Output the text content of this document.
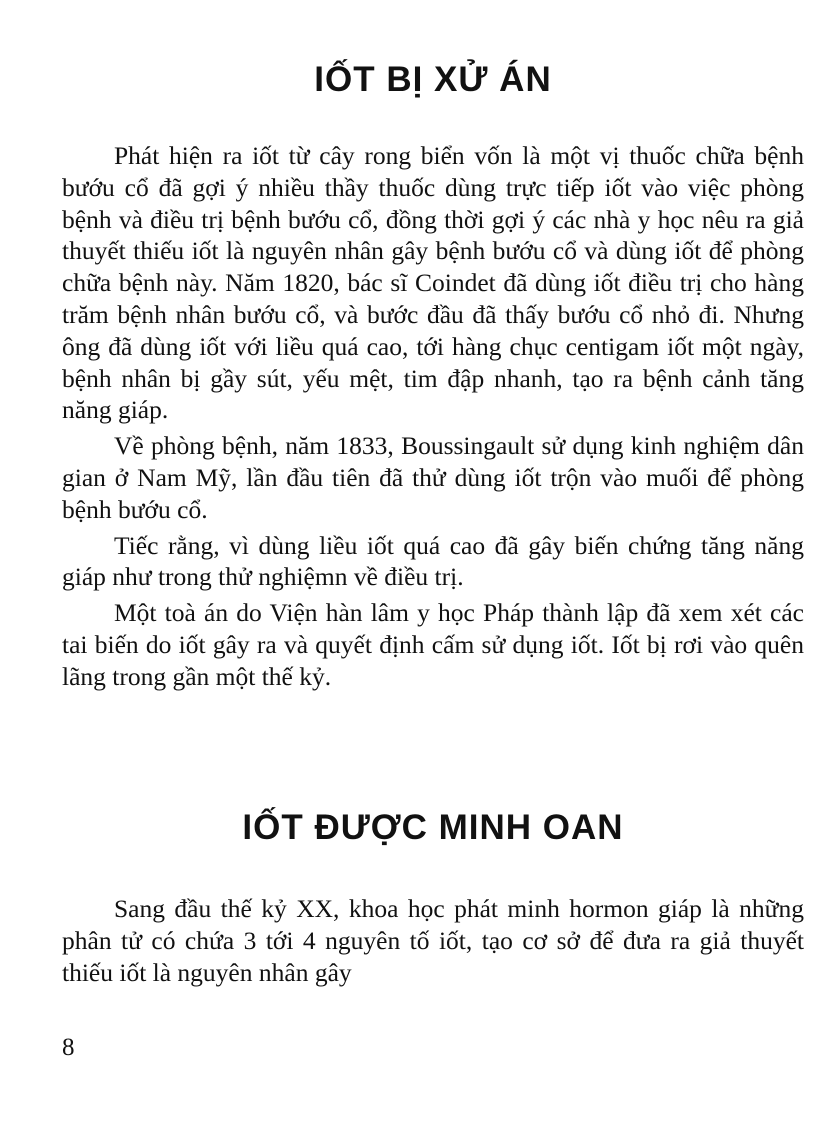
IỐT BỊ XỬ ÁN

Phát hiện ra iốt từ cây rong biển vốn là một vị thuốc chữa bệnh bướu cổ đã gợi ý nhiều thầy thuốc dùng trực tiếp iốt vào việc phòng bệnh và điều trị bệnh bướu cổ, đồng thời gợi ý các nhà y học nêu ra giả thuyết thiếu iốt là nguyên nhân gây bệnh bướu cổ và dùng iốt để phòng chữa bệnh này. Năm 1820, bác sĩ Coindet đã dùng iốt điều trị cho hàng trăm bệnh nhân bướu cổ, và bước đầu đã thấy bướu cổ nhỏ đi. Nhưng ông đã dùng iốt với liều quá cao, tới hàng chục centigam iốt một ngày, bệnh nhân bị gầy sút, yếu mệt, tim đập nhanh, tạo ra bệnh cảnh tăng năng giáp.

Về phòng bệnh, năm 1833, Boussingault sử dụng kinh nghiệm dân gian ở Nam Mỹ, lần đầu tiên đã thử dùng iốt trộn vào muối để phòng bệnh bướu cổ.

Tiếc rằng, vì dùng liều iốt quá cao đã gây biến chứng tăng năng giáp như trong thử nghiệmn về điều trị.

Một toà án do Viện hàn lâm y học Pháp thành lập đã xem xét các tai biến do iốt gây ra và quyết định cấm sử dụng iốt. Iốt bị rơi vào quên lãng trong gần một thế kỷ.

IỐT ĐƯỢC MINH OAN

Sang đầu thế kỷ XX, khoa học phát minh hormon giáp là những phân tử có chứa 3 tới 4 nguyên tố iốt, tạo cơ sở để đưa ra giả thuyết thiếu iốt là nguyên nhân gây

8
